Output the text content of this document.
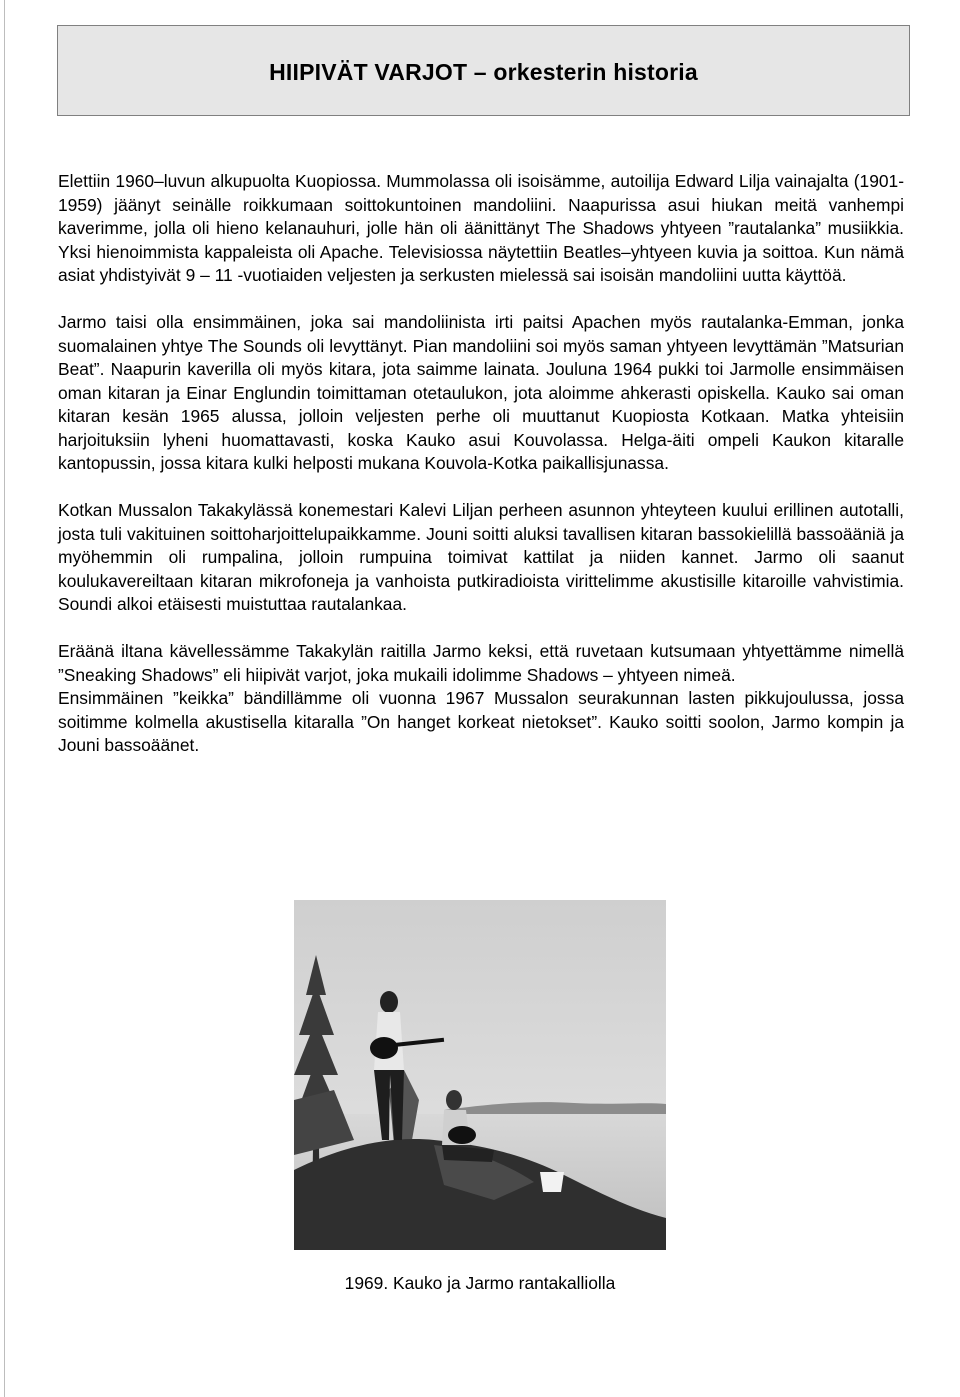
HIIPIVÄT VARJOT – orkesterin historia

Elettiin 1960–luvun alkupuolta Kuopiossa. Mummolassa oli isoisämme, autoilija Edward Lilja vainajalta (1901-1959) jäänyt seinälle roikkumaan soittokuntoinen mandoliini. Naapurissa asui hiukan meitä vanhempi kaverimme, jolla oli hieno kelanauhuri, jolle hän oli äänittänyt The Shadows yhtyeen ”rautalanka” musiikkia. Yksi hienoimmista kappaleista oli Apache. Televisiossa näytettiin Beatles–yhtyeen kuvia ja soittoa. Kun nämä asiat yhdistyivät 9 – 11 -vuotiaiden veljesten ja serkusten mielessä sai isoisän mandoliini uutta käyttöä.

Jarmo taisi olla ensimmäinen, joka sai mandoliinista irti paitsi Apachen myös rautalanka-Emman, jonka suomalainen yhtye The Sounds oli levyttänyt. Pian mandoliini soi myös saman yhtyeen levyttämän ”Matsurian Beat”. Naapurin kaverilla oli myös kitara, jota saimme lainata. Jouluna 1964 pukki toi Jarmolle ensimmäisen oman kitaran ja Einar Englundin toimittaman otetaulukon, jota aloimme ahkerasti opiskella. Kauko sai oman kitaran kesän 1965 alussa, jolloin veljesten perhe oli muuttanut Kuopiosta Kotkaan. Matka yhteisiin harjoituksiin lyheni huomattavasti, koska Kauko asui Kouvolassa. Helga-äiti ompeli Kaukon kitaralle kantopussin, jossa kitara kulki helposti mukana Kouvola-Kotka paikallisjunassa.

Kotkan Mussalon Takakylässä konemestari Kalevi Liljan perheen asunnon yhteyteen kuului erillinen autotalli, josta tuli vakituinen soittoharjoittelupaikkamme. Jouni soitti aluksi tavallisen kitaran bassokielillä bassoääniä ja myöhemmin oli rumpalina, jolloin rumpuina toimivat kattilat ja niiden kannet. Jarmo oli saanut koulukavereiltaan kitaran mikrofoneja ja vanhoista putkiradioista virittelimme akustisille kitaroille vahvistimia. Soundi alkoi etäisesti muistuttaa rautalankaa.

Eräänä iltana kävellessämme Takakylän raitilla Jarmo keksi, että ruvetaan kutsumaan yhtyettämme nimellä ”Sneaking Shadows” eli hiipivät varjot, joka mukaili idolimme Shadows – yhtyeen nimeä.

Ensimmäinen ”keikka” bändillämme oli vuonna 1967 Mussalon seurakunnan lasten pikkujoulussa, jossa soitimme kolmella akustisella kitaralla ”On hanget korkeat nietokset”. Kauko soitti soolon, Jarmo kompin ja Jouni bassoäänet.

1969. Kauko ja Jarmo rantakalliolla
